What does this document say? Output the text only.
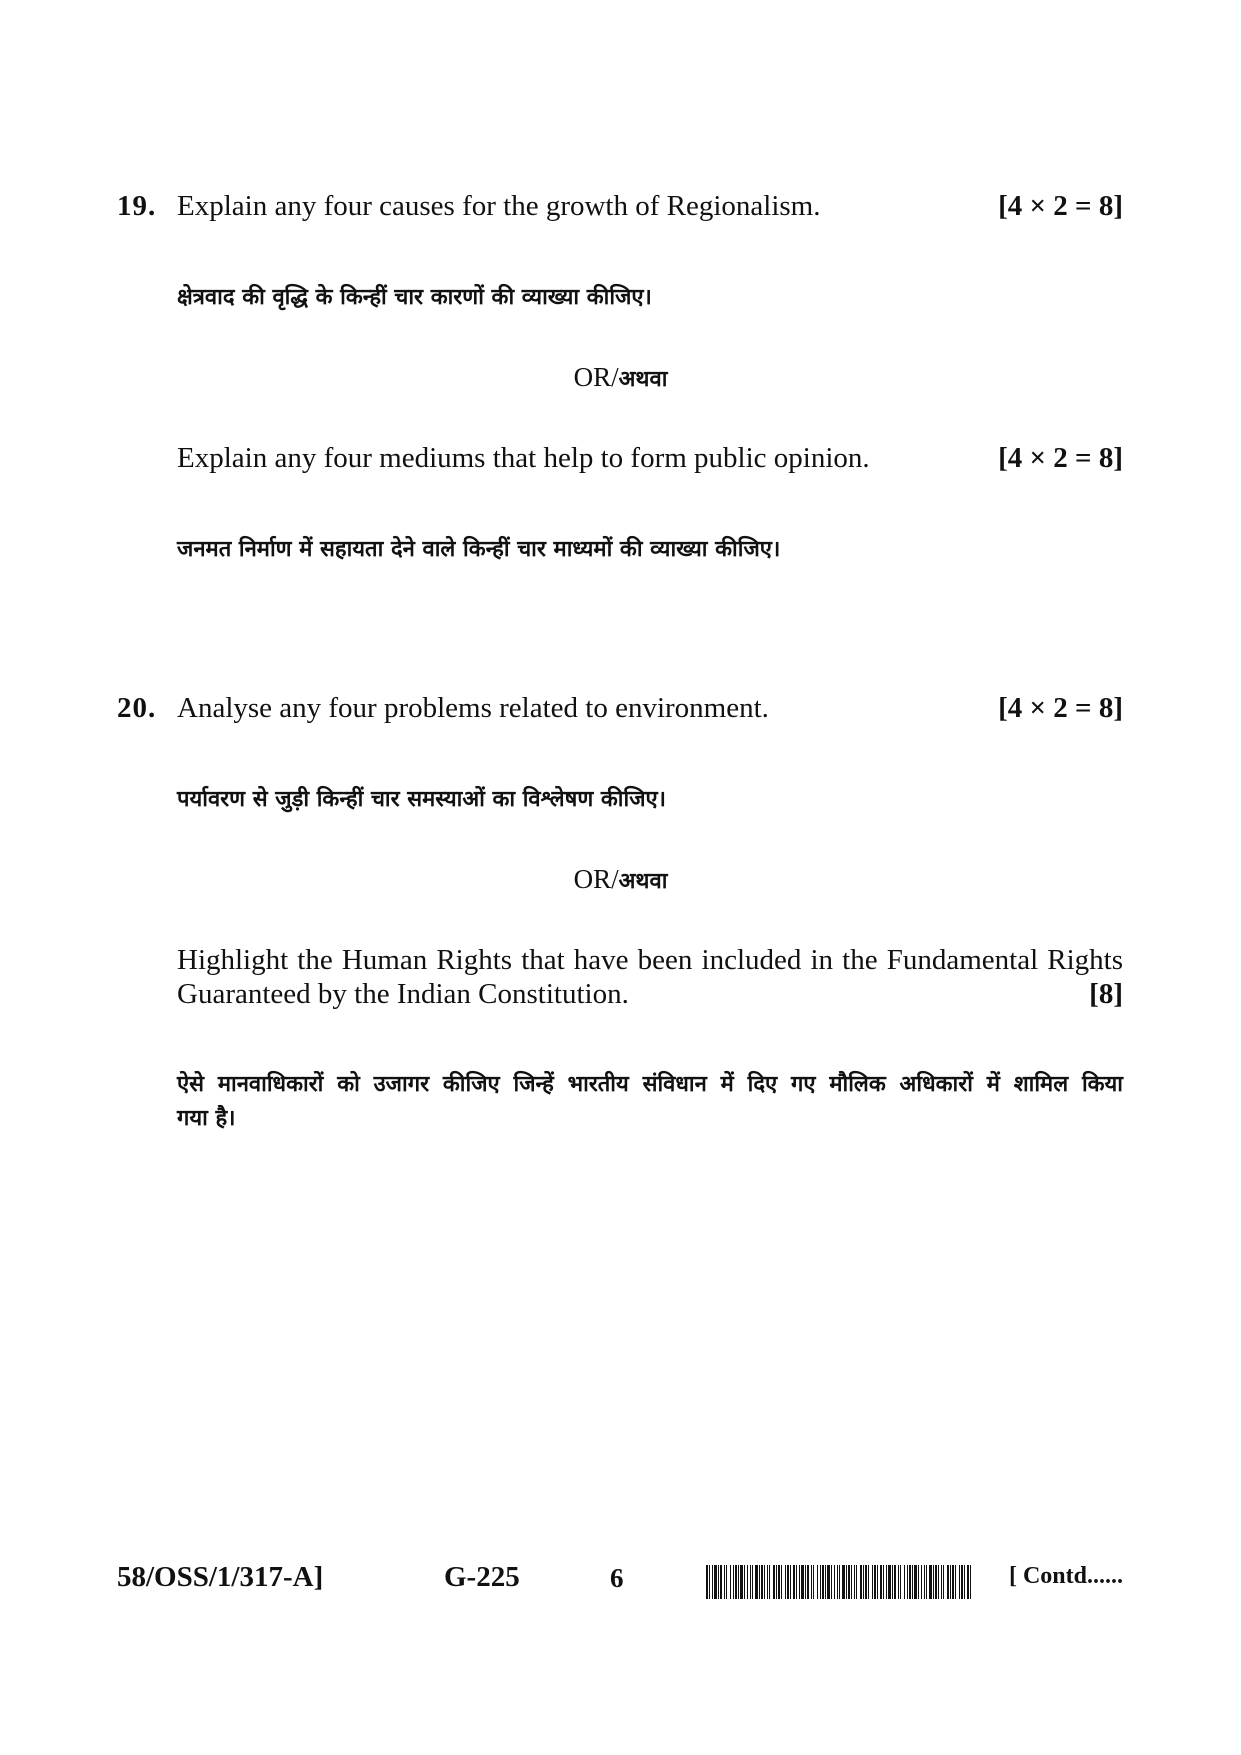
19. Explain any four causes for the growth of Regionalism.	[4 × 2 = 8]
क्षेत्रवाद की वृद्धि के किन्हीं चार कारणों की व्याख्या कीजिए।
OR/अथवा
Explain any four mediums that help to form public opinion.	[4 × 2 = 8]
जनमत निर्माण में सहायता देने वाले किन्हीं चार माध्यमों की व्याख्या कीजिए।
20. Analyse any four problems related to environment.	[4 × 2 = 8]
पर्यावरण से जुड़ी किन्हीं चार समस्याओं का विश्लेषण कीजिए।
OR/अथवा
Highlight the Human Rights that have been included in the Fundamental Rights
Guaranteed by the Indian Constitution.	[8]
ऐसे मानवाधिकारों को उजागर कीजिए जिन्हें भारतीय संविधान में दिए गए मौलिक अधिकारों में शामिल किया
गया है।
58/OSS/1/317-A]	G-225	6	[ Contd......
